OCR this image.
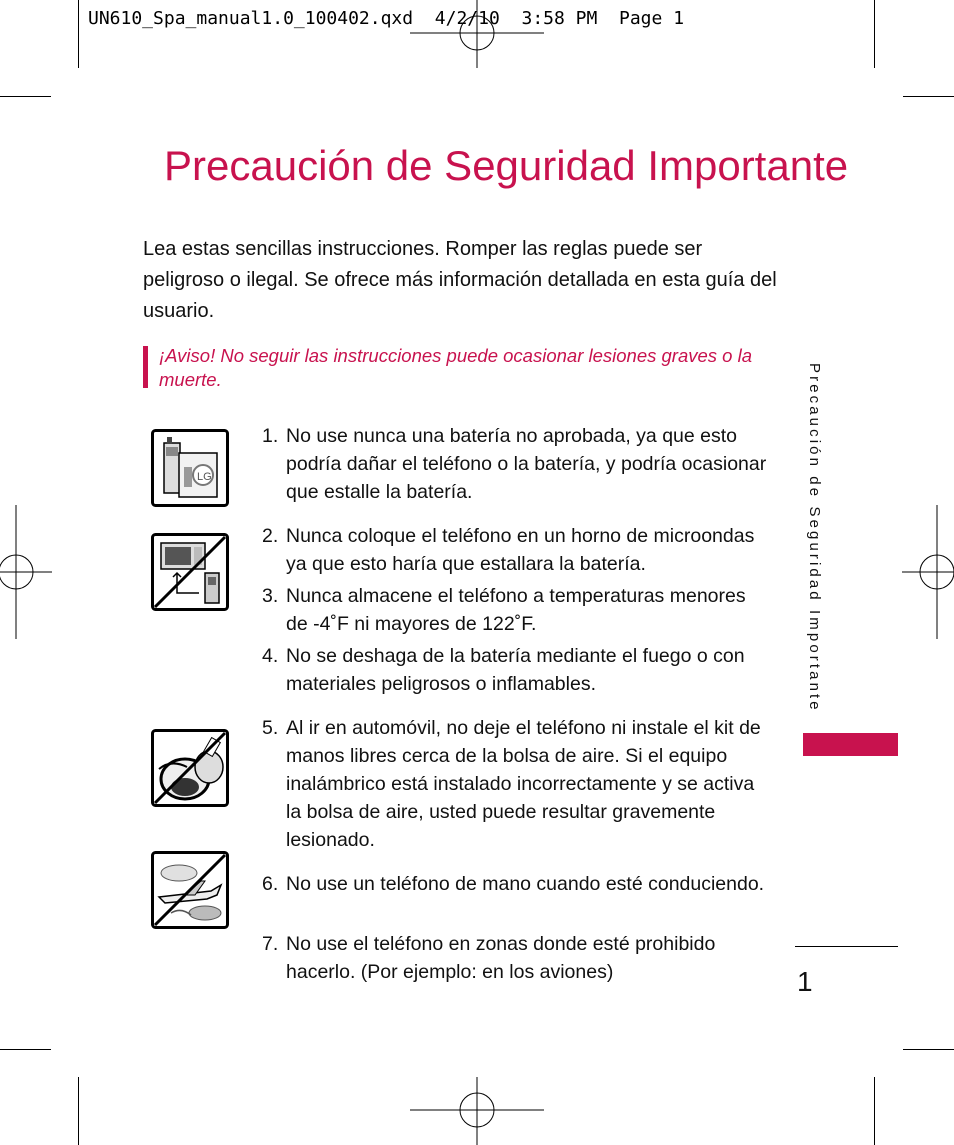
UN610_Spa_manual1.0_100402.qxd  4/2/10  3:58 PM  Page 1
Precaución de Seguridad Importante

Lea estas sencillas instrucciones. Romper las reglas puede ser peligroso o ilegal. Se ofrece más información detallada en esta guía del usuario.

¡Aviso! No seguir las instrucciones puede ocasionar lesiones graves o la muerte.

LG
1. No use nunca una batería no aprobada, ya que esto podría dañar el teléfono o la batería, y podría ocasionar que estalle la batería.
2. Nunca coloque el teléfono en un horno de microondas ya que esto haría que estallara la batería.
3. Nunca almacene el teléfono a temperaturas menores de -4˚F ni mayores de 122˚F.
4. No se deshaga de la batería mediante el fuego o con materiales peligrosos o inflamables.
5. Al ir en automóvil, no deje el teléfono ni instale el kit de manos libres cerca de la bolsa de aire. Si el equipo inalámbrico está instalado incorrectamente y se activa la bolsa de aire, usted puede resultar gravemente lesionado.
6. No use un teléfono de mano cuando esté conduciendo.
7. No use el teléfono en zonas donde esté prohibido hacerlo. (Por ejemplo: en los aviones)
Precaución de Seguridad Importante
1
